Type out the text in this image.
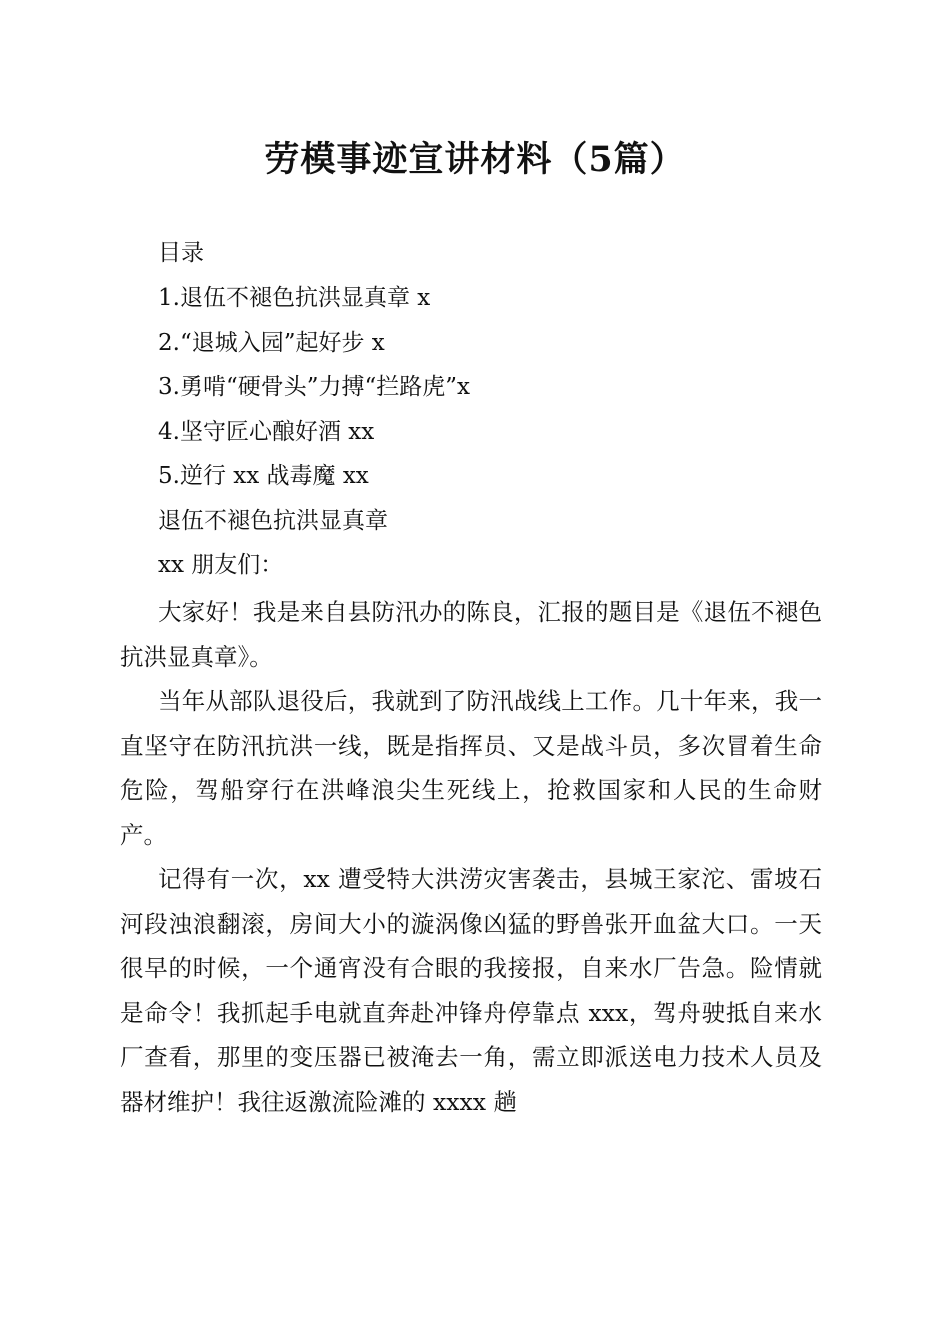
劳模事迹宣讲材料（5篇）

目录

1.退伍不褪色抗洪显真章 x

2.“退城入园”起好步 x

3.勇啃“硬骨头”力搏“拦路虎”x

4.坚守匠心酿好酒 xx

5.逆行 xx 战毒魔 xx

退伍不褪色抗洪显真章

xx 朋友们：

大家好！我是来自县防汛办的陈良，汇报的题目是《退伍不褪色抗洪显真章》。

当年从部队退役后，我就到了防汛战线上工作。几十年来，我一直坚守在防汛抗洪一线，既是指挥员、又是战斗员，多次冒着生命危险，驾船穿行在洪峰浪尖生死线上，抢救国家和人民的生命财产。

记得有一次，xx 遭受特大洪涝灾害袭击，县城王家沱、雷坡石河段浊浪翻滚，房间大小的漩涡像凶猛的野兽张开血盆大口。一天很早的时候，一个通宵没有合眼的我接报，自来水厂告急。险情就是命令！我抓起手电就直奔赴冲锋舟停靠点 xxx，驾舟驶抵自来水厂查看，那里的变压器已被淹去一角，需立即派送电力技术人员及器材维护！我往返激流险滩的 xxxx 趟
